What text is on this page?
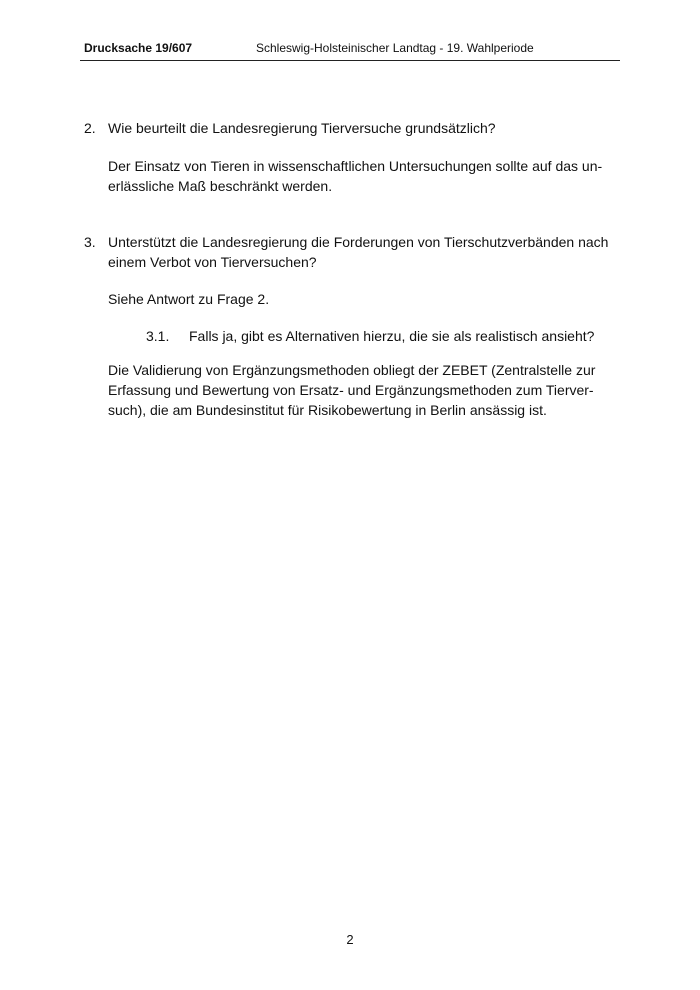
Drucksache 19/607	Schleswig-Holsteinischer Landtag - 19. Wahlperiode
2. Wie beurteilt die Landesregierung Tierversuche grundsätzlich?
Der Einsatz von Tieren in wissenschaftlichen Untersuchungen sollte auf das un-
erlässliche Maß beschränkt werden.
3. Unterstützt die Landesregierung die Forderungen von Tierschutzverbänden nach
einem Verbot von Tierversuchen?
Siehe Antwort zu Frage 2.
3.1. Falls ja, gibt es Alternativen hierzu, die sie als realistisch ansieht?
Die Validierung von Ergänzungsmethoden obliegt der ZEBET (Zentralstelle zur
Erfassung und Bewertung von Ersatz- und Ergänzungsmethoden zum Tierver-
such), die am Bundesinstitut für Risikobewertung in Berlin ansässig ist.
2
